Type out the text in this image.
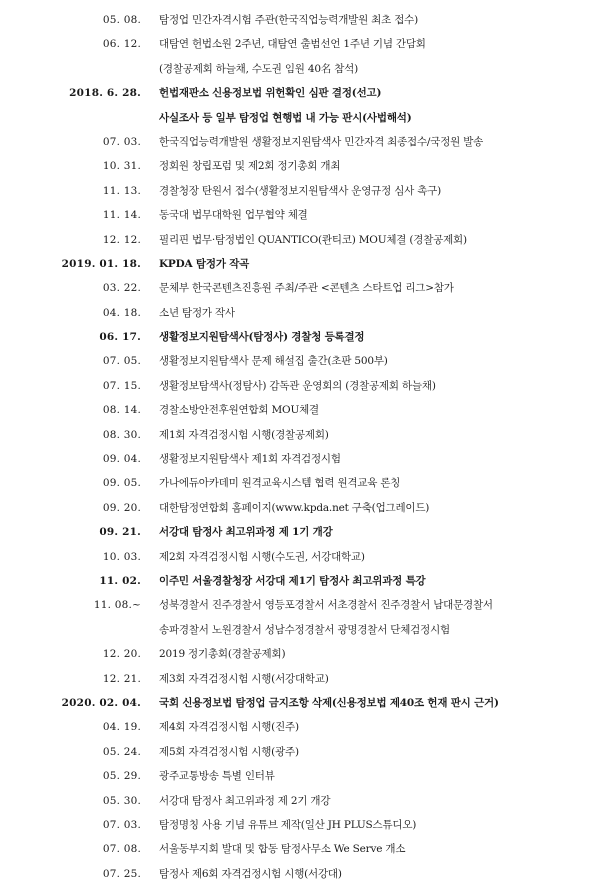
05. 08. 탐정업 민간자격시험 주관(한국직업능력개발원 최초 접수)
06. 12. 대탐연 헌법소원 2주년, 대탐연 출범선언 1주년 기념 간담회
(경찰공제회 하늘채, 수도권 임원 40名 참석)
2018. 6. 28. 헌법재판소 신용정보법 위헌확인 심판 결정(선고)
사실조사 등 일부 탐정업 현행법 내 가능 판시(사법해석)
07. 03. 한국직업능력개발원 생활정보지원탐색사 민간자격 최종접수/국정원 발송
10. 31. 정회원 창립포럼 및 제2회 정기총회 개최
11. 13. 경찰청장 탄원서 접수(생활정보지원탐색사 운영규정 심사 촉구)
11. 14. 동국대 법무대학원 업무협약 체결
12. 12. 필리핀 법무·탐정법인 QUANTICO(콴티코) MOU체결 (경찰공제회)
2019. 01. 18. KPDA 탐정가 작곡
03. 22. 문체부 한국콘텐츠진흥원 주최/주관 <콘텐츠 스타트업 리그>참가
04. 18. 소년 탐정가 작사
06. 17. 생활정보지원탐색사(탐정사) 경찰청 등록결정
07. 05. 생활정보지원탐색사 문제 해설집 출간(초판 500부)
07. 15. 생활정보탐색사(정탐사) 감독관 운영회의 (경찰공제회 하늘채)
08. 14. 경찰소방안전후원연합회 MOU체결
08. 30. 제1회 자격검정시험 시행(경찰공제회)
09. 04. 생활정보지원탐색사 제1회 자격검정시험
09. 05. 가나에듀아카데미 원격교육시스템 협력 원격교육 론칭
09. 20. 대한탐정연합회 홈페이지(www.kpda.net 구축(업그레이드)
09. 21. 서강대 탐정사 최고위과정 제 1기 개강
10. 03. 제2회 자격검정시험 시행(수도권, 서강대학교)
11. 02. 이주민 서울경찰청장 서강대 제1기 탐정사 최고위과정 특강
11. 08.~ 성북경찰서 진주경찰서 영등포경찰서 서초경찰서 진주경찰서 남대문경찰서
송파경찰서 노원경찰서 성남수정경찰서 광명경찰서 단체검정시험
12. 20. 2019 정기총회(경찰공제회)
12. 21. 제3회 자격검정시험 시행(서강대학교)
2020. 02. 04. 국회 신용정보법 탐정업 금지조항 삭제(신용정보법 제40조 헌재 판시 근거)
04. 19. 제4회 자격검정시험 시행(진주)
05. 24. 제5회 자격검정시험 시행(광주)
05. 29. 광주교통방송 특별 인터뷰
05. 30. 서강대 탐정사 최고위과정 제 2기 개강
07. 03. 탐정명칭 사용 기념 유튜브 제작(일산 JH PLUS스튜디오)
07. 08. 서울동부지회 발대 및 합동 탐정사무소 We Serve 개소
07. 25. 탐정사 제6회 자격검정시험 시행(서강대)
